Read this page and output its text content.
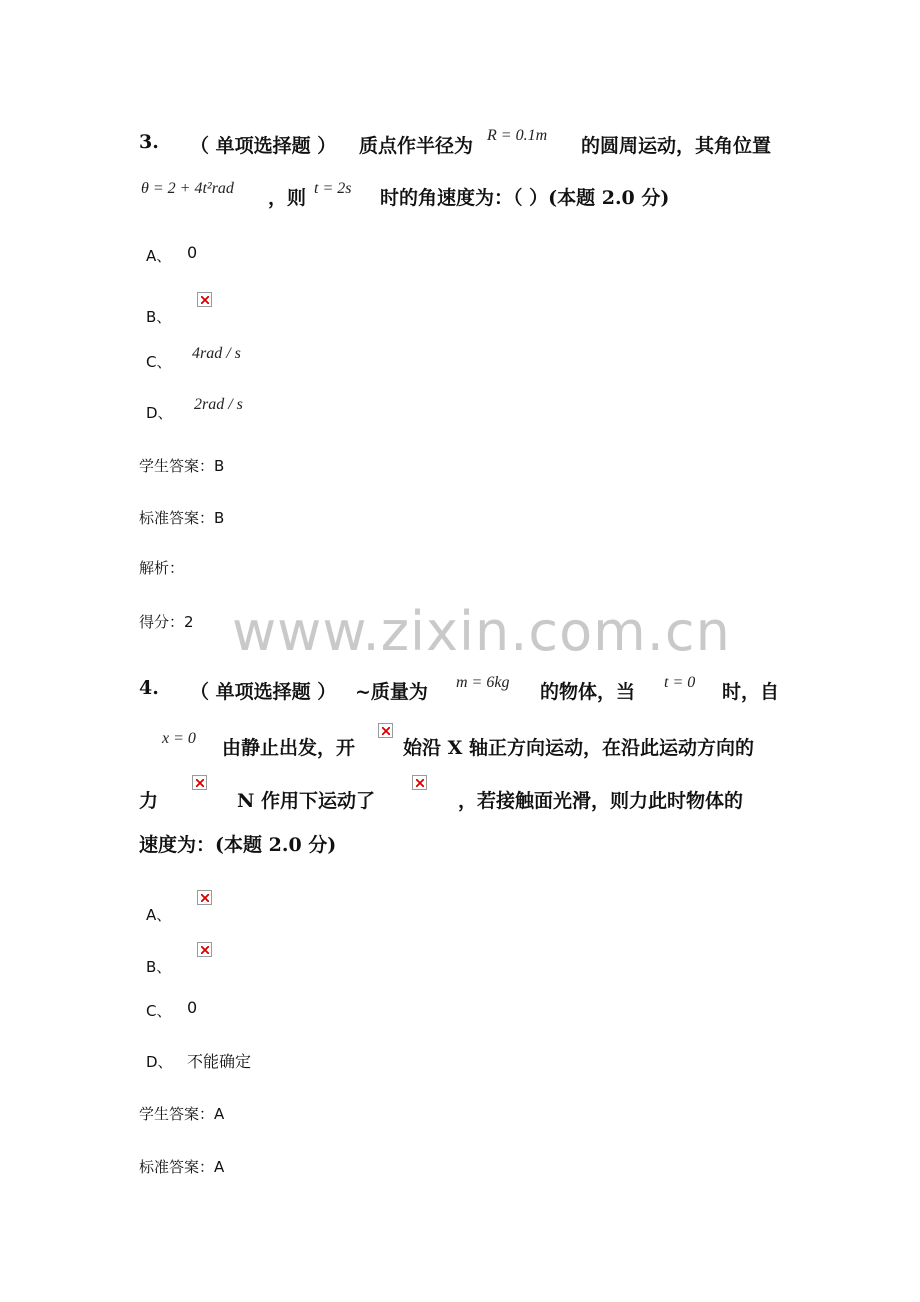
www.zixin.com.cn
3. （ 单项选择题 ） 质点作半径为 R = 0.1m 的圆周运动，其角位置
θ = 2 + 4t²rad ，则 t = 2s 时的角速度为：（ ）(本题 2.0 分)
A、 0
B、
C、 4rad / s
D、 2rad / s
学生答案：B
标准答案：B
解析：
得分：2
4. （ 单项选择题 ） ~质量为 m = 6kg 的物体，当 t = 0 时，自
x = 0 由静止出发，开	始沿 X 轴正方向运动，在沿此运动方向的
力	N 作用下运动了	，若接触面光滑，则力此时物体的
速度为：(本题 2.0 分)
A、
B、
C、 0
D、 不能确定
学生答案：A
标准答案：A
